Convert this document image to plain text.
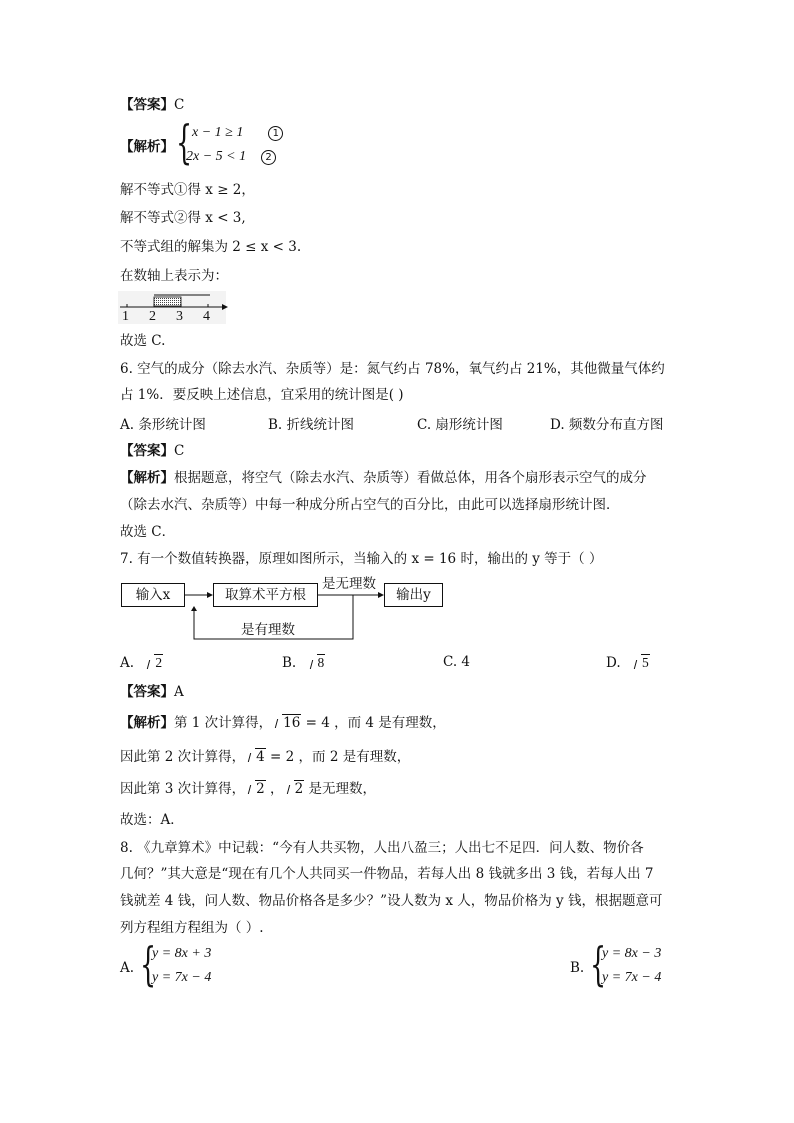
【答案】C
【解析】 { x − 1 ≥ 1	1
2x − 5 < 1 2
解不等式①得 x ≥ 2，
解不等式②得 x < 3,
不等式组的解集为 2 ≤ x < 3.
在数轴上表示为：
1 2 3 4
故选 C.
6. 空气的成分（除去水汽、杂质等）是：氮气约占 78%，氧气约占 21%，其他微量气体约
占 1%．要反映上述信息，宜采用的统计图是( )
A. 条形统计图	B. 折线统计图	C. 扇形统计图	D. 频数分布直方图
【答案】C
【解析】根据题意，将空气（除去水汽、杂质等）看做总体，用各个扇形表示空气的成分
（除去水汽、杂质等）中每一种成分所占空气的百分比，由此可以选择扇形统计图．
故选 C．
7. 有一个数值转换器，原理如图所示，当输入的 x = 16 时，输出的 y 等于（ ）
输入x	取算术平方根	输出y
是无理数
是有理数
A. 2	B. 8	C. 4	D. 5
【答案】A
【解析】第 1 次计算得， 16 = 4 ，而 4 是有理数，
因此第 2 次计算得， 4 = 2 ，而 2 是有理数，
因此第 3 次计算得， 2 ， 2 是无理数，
故选：A．
8. 《九章算术》中记载：“今有人共买物，人出八盈三；人出七不足四．问人数、物价各
几何？”其大意是“现在有几个人共同买一件物品，若每人出 8 钱就多出 3 钱，若每人出 7
钱就差 4 钱，问人数、物品价格各是多少？”设人数为 x 人，物品价格为 y 钱，根据题意可
列方程组方程组为（ ）.
A. {
y = 8x + 3
y = 7x − 4
B. {
y = 8x − 3
y = 7x − 4
